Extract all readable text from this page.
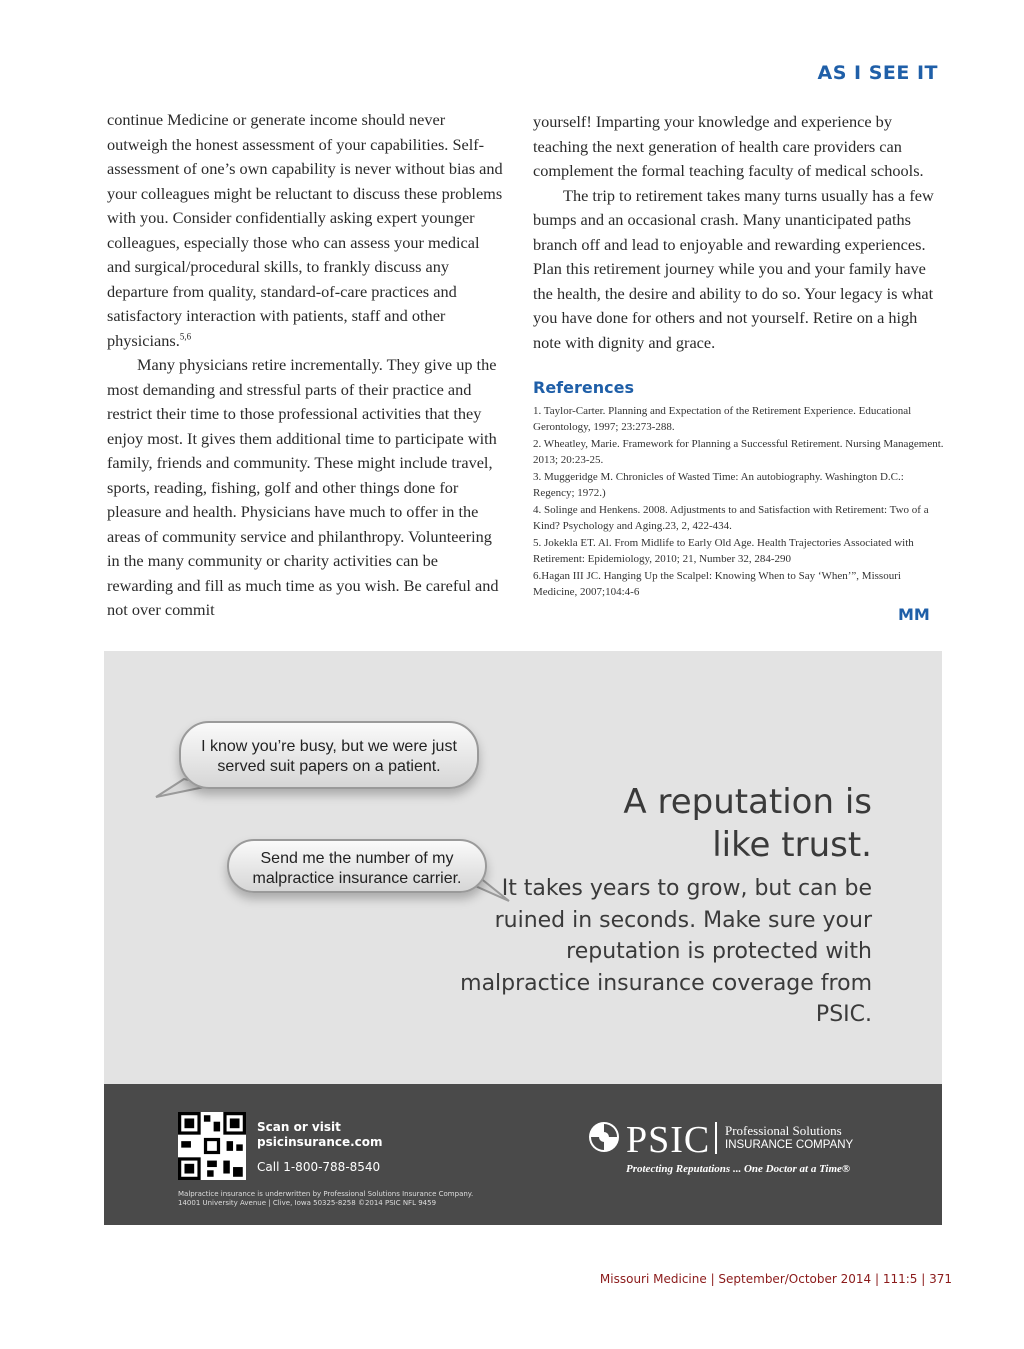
AS I SEE IT

continue Medicine or generate income should never outweigh the honest assessment of your capabilities. Self-assessment of one’s own capability is never without bias and your colleagues might be reluctant to discuss these problems with you. Consider confidentially asking expert younger colleagues, especially those who can assess your medical and surgical/procedural skills, to frankly discuss any departure from quality, standard-of-care practices and satisfactory interaction with patients, staff and other physicians.$^{5,6}$

Many physicians retire incrementally. They give up the most demanding and stressful parts of their practice and restrict their time to those professional activities that they enjoy most. It gives them additional time to participate with family, friends and community. These might include travel, sports, reading, fishing, golf and other things done for pleasure and health. Physicians have much to offer in the areas of community service and philanthropy. Volunteering in the many community or charity activities can be rewarding and fill as much time as you wish. Be careful and not over commit

yourself! Imparting your knowledge and experience by teaching the next generation of health care providers can complement the formal teaching faculty of medical schools.

The trip to retirement takes many turns usually has a few bumps and an occasional crash. Many unanticipated paths branch off and lead to enjoyable and rewarding experiences. Plan this retirement journey while you and your family have the health, the desire and ability to do so. Your legacy is what you have done for others and not yourself. Retire on a high note with dignity and grace.

References

1. Taylor-Carter. Planning and Expectation of the Retirement Experience. Educational Gerontology, 1997; 23:273-288.

2. Wheatley, Marie. Framework for Planning a Successful Retirement. Nursing Management. 2013; 20:23-25.

3. Muggeridge M. Chronicles of Wasted Time: An autobiography. Washington D.C.: Regency; 1972.)

4. Solinge and Henkens. 2008. Adjustments to and Satisfaction with Retirement: Two of a Kind? Psychology and Aging.23, 2, 422-434.

5. Jokekla ET. Al. From Midlife to Early Old Age. Health Trajectories Associated with Retirement: Epidemiology, 2010; 21, Number 32, 284-290

6.Hagan III JC. Hanging Up the Scalpel: Knowing When to Say ‘When’”, Missouri Medicine, 2007;104:4-6

MM
I know you’re busy, but we were just served suit papers on a patient.
Send me the number of my malpractice insurance carrier.
A reputation is
like trust.
It takes years to grow, but can be ruined in seconds. Make sure your reputation is protected with malpractice insurance coverage from PSIC.
Scan or visit
psicinsurance.com
Call 1-800-788-8540
Malpractice insurance is underwritten by Professional Solutions Insurance Company.
14001 University Avenue | Clive, Iowa 50325-8258 ©2014 PSIC NFL 9459
PSIC Professional Solutions
INSURANCE COMPANY
Protecting Reputations ... One Doctor at a Time®
Missouri Medicine | September/October 2014 | 111:5 | 371
